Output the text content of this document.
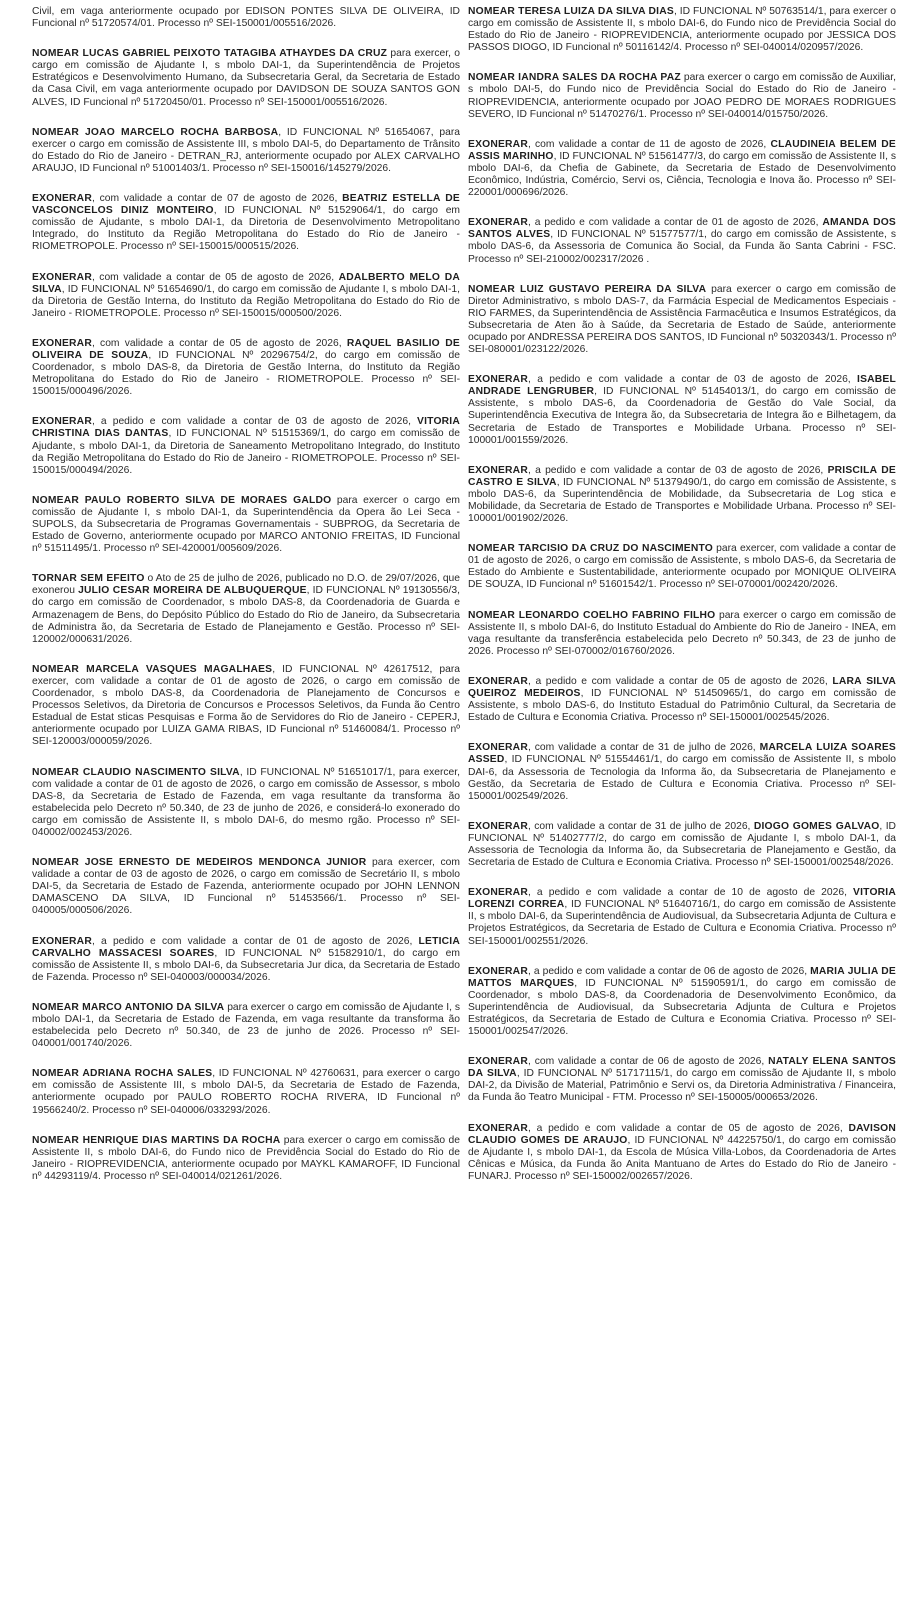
Civil, em vaga anteriormente ocupado por EDISON PONTES SILVA DE OLIVEIRA, ID Funcional nº 51720574/01. Processo nº SEI-150001/005516/2026.

NOMEAR LUCAS GABRIEL PEIXOTO TATAGIBA ATHAYDES DA CRUZ para exercer, o cargo em comissão de Ajudante I, s mbolo DAI-1, da Superintendência de Projetos Estratégicos e Desenvolvimento Humano, da Subsecretaria Geral, da Secretaria de Estado da Casa Civil, em vaga anteriormente ocupado por DAVIDSON DE SOUZA SANTOS GON ALVES, ID Funcional nº 51720450/01. Processo nº SEI-150001/005516/2026.

NOMEAR JOAO MARCELO ROCHA BARBOSA, ID FUNCIONAL Nº 51654067, para exercer o cargo em comissão de Assistente III, s mbolo DAI-5, do Departamento de Trânsito do Estado do Rio de Janeiro - DETRAN_RJ, anteriormente ocupado por ALEX CARVALHO ARAUJO, ID Funcional nº 51001403/1. Processo nº SEI-150016/145279/2026.

EXONERAR, com validade a contar de 07 de agosto de 2026, BEATRIZ ESTELLA DE VASCONCELOS DINIZ MONTEIRO, ID FUNCIONAL Nº 51529064/1, do cargo em comissão de Ajudante, s mbolo DAI-1, da Diretoria de Desenvolvimento Metropolitano Integrado, do Instituto da Região Metropolitana do Estado do Rio de Janeiro - RIOMETROPOLE. Processo nº SEI-150015/000515/2026.

EXONERAR, com validade a contar de 05 de agosto de 2026, ADALBERTO MELO DA SILVA, ID FUNCIONAL Nº 51654690/1, do cargo em comissão de Ajudante I, s mbolo DAI-1, da Diretoria de Gestão Interna, do Instituto da Região Metropolitana do Estado do Rio de Janeiro - RIOMETROPOLE. Processo nº SEI-150015/000500/2026.

EXONERAR, com validade a contar de 05 de agosto de 2026, RAQUEL BASILIO DE OLIVEIRA DE SOUZA, ID FUNCIONAL Nº 20296754/2, do cargo em comissão de Coordenador, s mbolo DAS-8, da Diretoria de Gestão Interna, do Instituto da Região Metropolitana do Estado do Rio de Janeiro - RIOMETROPOLE. Processo nº SEI-150015/000496/2026.

EXONERAR, a pedido e com validade a contar de 03 de agosto de 2026, VITORIA CHRISTINA DIAS DANTAS, ID FUNCIONAL Nº 51515369/1, do cargo em comissão de Ajudante, s mbolo DAI-1, da Diretoria de Saneamento Metropolitano Integrado, do Instituto da Região Metropolitana do Estado do Rio de Janeiro - RIOMETROPOLE. Processo nº SEI-150015/000494/2026.

NOMEAR PAULO ROBERTO SILVA DE MORAES GALDO para exercer o cargo em comissão de Ajudante I, s mbolo DAI-1, da Superintendência da Opera ão Lei Seca - SUPOLS, da Subsecretaria de Programas Governamentais - SUBPROG, da Secretaria de Estado de Governo, anteriormente ocupado por MARCO ANTONIO FREITAS, ID Funcional nº 51511495/1. Processo nº SEI-420001/005609/2026.

TORNAR SEM EFEITO o Ato de 25 de julho de 2026, publicado no D.O. de 29/07/2026, que exonerou JULIO CESAR MOREIRA DE ALBUQUERQUE, ID FUNCIONAL Nº 19130556/3, do cargo em comissão de Coordenador, s mbolo DAS-8, da Coordenadoria de Guarda e Armazenagem de Bens, do Depósito Público do Estado do Rio de Janeiro, da Subsecretaria de Administra ão, da Secretaria de Estado de Planejamento e Gestão. Processo nº SEI-120002/000631/2026.

NOMEAR MARCELA VASQUES MAGALHAES, ID FUNCIONAL Nº 42617512, para exercer, com validade a contar de 01 de agosto de 2026, o cargo em comissão de Coordenador, s mbolo DAS-8, da Coordenadoria de Planejamento de Concursos e Processos Seletivos, da Diretoria de Concursos e Processos Seletivos, da Funda ão Centro Estadual de Estat sticas Pesquisas e Forma ão de Servidores do Rio de Janeiro - CEPERJ, anteriormente ocupado por LUIZA GAMA RIBAS, ID Funcional nº 51460084/1. Processo nº SEI-120003/000059/2026.

NOMEAR CLAUDIO NASCIMENTO SILVA, ID FUNCIONAL Nº 51651017/1, para exercer, com validade a contar de 01 de agosto de 2026, o cargo em comissão de Assessor, s mbolo DAS-8, da Secretaria de Estado de Fazenda, em vaga resultante da transforma ão estabelecida pelo Decreto nº 50.340, de 23 de junho de 2026, e considerá-lo exonerado do cargo em comissão de Assistente II, s mbolo DAI-6, do mesmo rgão. Processo nº SEI-040002/002453/2026.

NOMEAR JOSE ERNESTO DE MEDEIROS MENDONCA JUNIOR para exercer, com validade a contar de 03 de agosto de 2026, o cargo em comissão de Secretário II, s mbolo DAI-5, da Secretaria de Estado de Fazenda, anteriormente ocupado por JOHN LENNON DAMASCENO DA SILVA, ID Funcional nº 51453566/1. Processo nº SEI-040005/000506/2026.

EXONERAR, a pedido e com validade a contar de 01 de agosto de 2026, LETICIA CARVALHO MASSACESI SOARES, ID FUNCIONAL Nº 51582910/1, do cargo em comissão de Assistente II, s mbolo DAI-6, da Subsecretaria Jur dica, da Secretaria de Estado de Fazenda. Processo nº SEI-040003/000034/2026.

NOMEAR MARCO ANTONIO DA SILVA para exercer o cargo em comissão de Ajudante I, s mbolo DAI-1, da Secretaria de Estado de Fazenda, em vaga resultante da transforma ão estabelecida pelo Decreto nº 50.340, de 23 de junho de 2026. Processo nº SEI-040001/001740/2026.

NOMEAR ADRIANA ROCHA SALES, ID FUNCIONAL Nº 42760631, para exercer o cargo em comissão de Assistente III, s mbolo DAI-5, da Secretaria de Estado de Fazenda, anteriormente ocupado por PAULO ROBERTO ROCHA RIVERA, ID Funcional nº 19566240/2. Processo nº SEI-040006/033293/2026.

NOMEAR HENRIQUE DIAS MARTINS DA ROCHA para exercer o cargo em comissão de Assistente II, s mbolo DAI-6, do Fundo nico de Previdência Social do Estado do Rio de Janeiro - RIOPREVIDENCIA, anteriormente ocupado por MAYKL KAMAROFF, ID Funcional nº 44293119/4. Processo nº SEI-040014/021261/2026.

NOMEAR TERESA LUIZA DA SILVA DIAS, ID FUNCIONAL Nº 50763514/1, para exercer o cargo em comissão de Assistente II, s mbolo DAI-6, do Fundo nico de Previdência Social do Estado do Rio de Janeiro - RIOPREVIDENCIA, anteriormente ocupado por JESSICA DOS PASSOS DIOGO, ID Funcional nº 50116142/4. Processo nº SEI-040014/020957/2026.

NOMEAR IANDRA SALES DA ROCHA PAZ para exercer o cargo em comissão de Auxiliar, s mbolo DAI-5, do Fundo nico de Previdência Social do Estado do Rio de Janeiro - RIOPREVIDENCIA, anteriormente ocupado por JOAO PEDRO DE MORAES RODRIGUES SEVERO, ID Funcional nº 51470276/1. Processo nº SEI-040014/015750/2026.

EXONERAR, com validade a contar de 11 de agosto de 2026, CLAUDINEIA BELEM DE ASSIS MARINHO, ID FUNCIONAL Nº 51561477/3, do cargo em comissão de Assistente II, s mbolo DAI-6, da Chefia de Gabinete, da Secretaria de Estado de Desenvolvimento Econômico, Indústria, Comércio, Servi os, Ciência, Tecnologia e Inova ão. Processo nº SEI-220001/000696/2026.

EXONERAR, a pedido e com validade a contar de 01 de agosto de 2026, AMANDA DOS SANTOS ALVES, ID FUNCIONAL Nº 51577577/1, do cargo em comissão de Assistente, s mbolo DAS-6, da Assessoria de Comunica ão Social, da Funda ão Santa Cabrini - FSC. Processo nº SEI-210002/002317/2026 .

NOMEAR LUIZ GUSTAVO PEREIRA DA SILVA para exercer o cargo em comissão de Diretor Administrativo, s mbolo DAS-7, da Farmácia Especial de Medicamentos Especiais - RIO FARMES, da Superintendência de Assistência Farmacêutica e Insumos Estratégicos, da Subsecretaria de Aten ão à Saúde, da Secretaria de Estado de Saúde, anteriormente ocupado por ANDRESSA PEREIRA DOS SANTOS, ID Funcional nº 50320343/1. Processo nº SEI-080001/023122/2026.

EXONERAR, a pedido e com validade a contar de 03 de agosto de 2026, ISABEL ANDRADE LENGRUBER, ID FUNCIONAL Nº 51454013/1, do cargo em comissão de Assistente, s mbolo DAS-6, da Coordenadoria de Gestão do Vale Social, da Superintendência Executiva de Integra ão, da Subsecretaria de Integra ão e Bilhetagem, da Secretaria de Estado de Transportes e Mobilidade Urbana. Processo nº SEI-100001/001559/2026.

EXONERAR, a pedido e com validade a contar de 03 de agosto de 2026, PRISCILA DE CASTRO E SILVA, ID FUNCIONAL Nº 51379490/1, do cargo em comissão de Assistente, s mbolo DAS-6, da Superintendência de Mobilidade, da Subsecretaria de Log stica e Mobilidade, da Secretaria de Estado de Transportes e Mobilidade Urbana. Processo nº SEI-100001/001902/2026.

NOMEAR TARCISIO DA CRUZ DO NASCIMENTO para exercer, com validade a contar de 01 de agosto de 2026, o cargo em comissão de Assistente, s mbolo DAS-6, da Secretaria de Estado do Ambiente e Sustentabilidade, anteriormente ocupado por MONIQUE OLIVEIRA DE SOUZA, ID Funcional nº 51601542/1. Processo nº SEI-070001/002420/2026.

NOMEAR LEONARDO COELHO FABRINO FILHO para exercer o cargo em comissão de Assistente II, s mbolo DAI-6, do Instituto Estadual do Ambiente do Rio de Janeiro - INEA, em vaga resultante da transferência estabelecida pelo Decreto nº 50.343, de 23 de junho de 2026. Processo nº SEI-070002/016760/2026.

EXONERAR, a pedido e com validade a contar de 05 de agosto de 2026, LARA SILVA QUEIROZ MEDEIROS, ID FUNCIONAL Nº 51450965/1, do cargo em comissão de Assistente, s mbolo DAS-6, do Instituto Estadual do Patrimônio Cultural, da Secretaria de Estado de Cultura e Economia Criativa. Processo nº SEI-150001/002545/2026.

EXONERAR, com validade a contar de 31 de julho de 2026, MARCELA LUIZA SOARES ASSED, ID FUNCIONAL Nº 51554461/1, do cargo em comissão de Assistente II, s mbolo DAI-6, da Assessoria de Tecnologia da Informa ão, da Subsecretaria de Planejamento e Gestão, da Secretaria de Estado de Cultura e Economia Criativa. Processo nº SEI-150001/002549/2026.

EXONERAR, com validade a contar de 31 de julho de 2026, DIOGO GOMES GALVAO, ID FUNCIONAL Nº 51402777/2, do cargo em comissão de Ajudante I, s mbolo DAI-1, da Assessoria de Tecnologia da Informa ão, da Subsecretaria de Planejamento e Gestão, da Secretaria de Estado de Cultura e Economia Criativa. Processo nº SEI-150001/002548/2026.

EXONERAR, a pedido e com validade a contar de 10 de agosto de 2026, VITORIA LORENZI CORREA, ID FUNCIONAL Nº 51640716/1, do cargo em comissão de Assistente II, s mbolo DAI-6, da Superintendência de Audiovisual, da Subsecretaria Adjunta de Cultura e Projetos Estratégicos, da Secretaria de Estado de Cultura e Economia Criativa. Processo nº SEI-150001/002551/2026.

EXONERAR, a pedido e com validade a contar de 06 de agosto de 2026, MARIA JULIA DE MATTOS MARQUES, ID FUNCIONAL Nº 51590591/1, do cargo em comissão de Coordenador, s mbolo DAS-8, da Coordenadoria de Desenvolvimento Econômico, da Superintendência de Audiovisual, da Subsecretaria Adjunta de Cultura e Projetos Estratégicos, da Secretaria de Estado de Cultura e Economia Criativa. Processo nº SEI-150001/002547/2026.

EXONERAR, com validade a contar de 06 de agosto de 2026, NATALY ELENA SANTOS DA SILVA, ID FUNCIONAL Nº 51717115/1, do cargo em comissão de Ajudante II, s mbolo DAI-2, da Divisão de Material, Patrimônio e Servi os, da Diretoria Administrativa / Financeira, da Funda ão Teatro Municipal - FTM. Processo nº SEI-150005/000653/2026.

EXONERAR, a pedido e com validade a contar de 05 de agosto de 2026, DAVISON CLAUDIO GOMES DE ARAUJO, ID FUNCIONAL Nº 44225750/1, do cargo em comissão de Ajudante I, s mbolo DAI-1, da Escola de Música Villa-Lobos, da Coordenadoria de Artes Cênicas e Música, da Funda ão Anita Mantuano de Artes do Estado do Rio de Janeiro - FUNARJ. Processo nº SEI-150002/002657/2026.
